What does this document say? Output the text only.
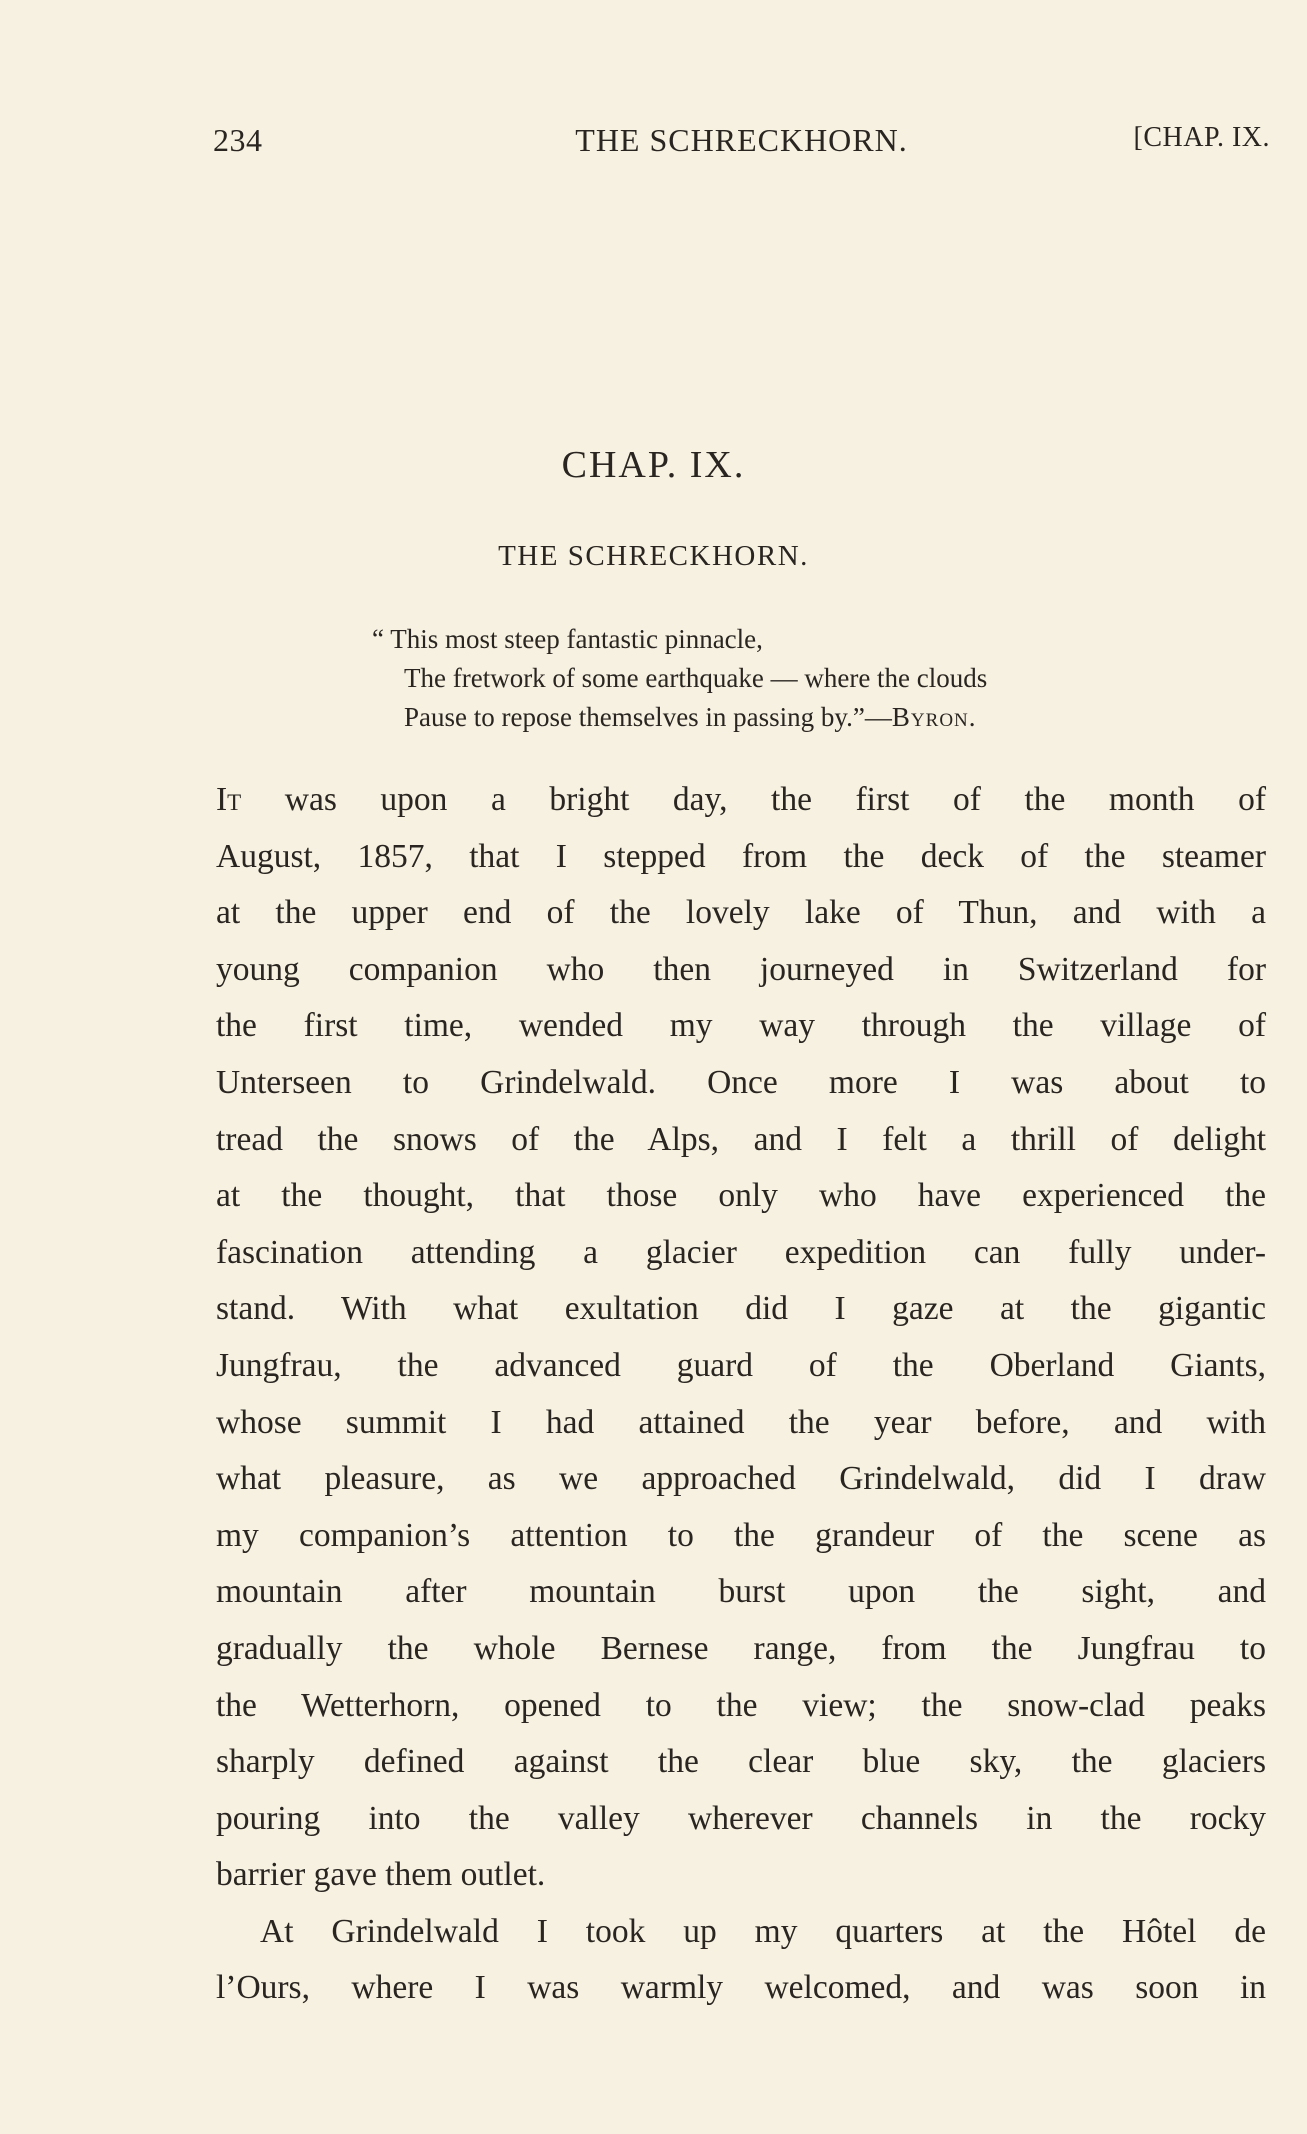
234	THE SCHRECKHORN.	[CHAP. IX.
CHAP. IX.
THE SCHRECKHORN.
“ This most steep fantastic pinnacle,
The fretwork of some earthquake — where the clouds
Pause to repose themselves in passing by.”—Byron.
It was upon a bright day, the first of the month of
August, 1857, that I stepped from the deck of the steamer
at the upper end of the lovely lake of Thun, and with a
young companion who then journeyed in Switzerland for
the first time, wended my way through the village of
Unterseen to Grindelwald. Once more I was about to
tread the snows of the Alps, and I felt a thrill of delight
at the thought, that those only who have experienced the
fascination attending a glacier expedition can fully under-
stand. With what exultation did I gaze at the gigantic
Jungfrau, the advanced guard of the Oberland Giants,
whose summit I had attained the year before, and with
what pleasure, as we approached Grindelwald, did I draw
my companion’s attention to the grandeur of the scene as
mountain after mountain burst upon the sight, and
gradually the whole Bernese range, from the Jungfrau to
the Wetterhorn, opened to the view; the snow-clad peaks
sharply defined against the clear blue sky, the glaciers
pouring into the valley wherever channels in the rocky
barrier gave them outlet.
At Grindelwald I took up my quarters at the Hôtel de
l’Ours, where I was warmly welcomed, and was soon in
